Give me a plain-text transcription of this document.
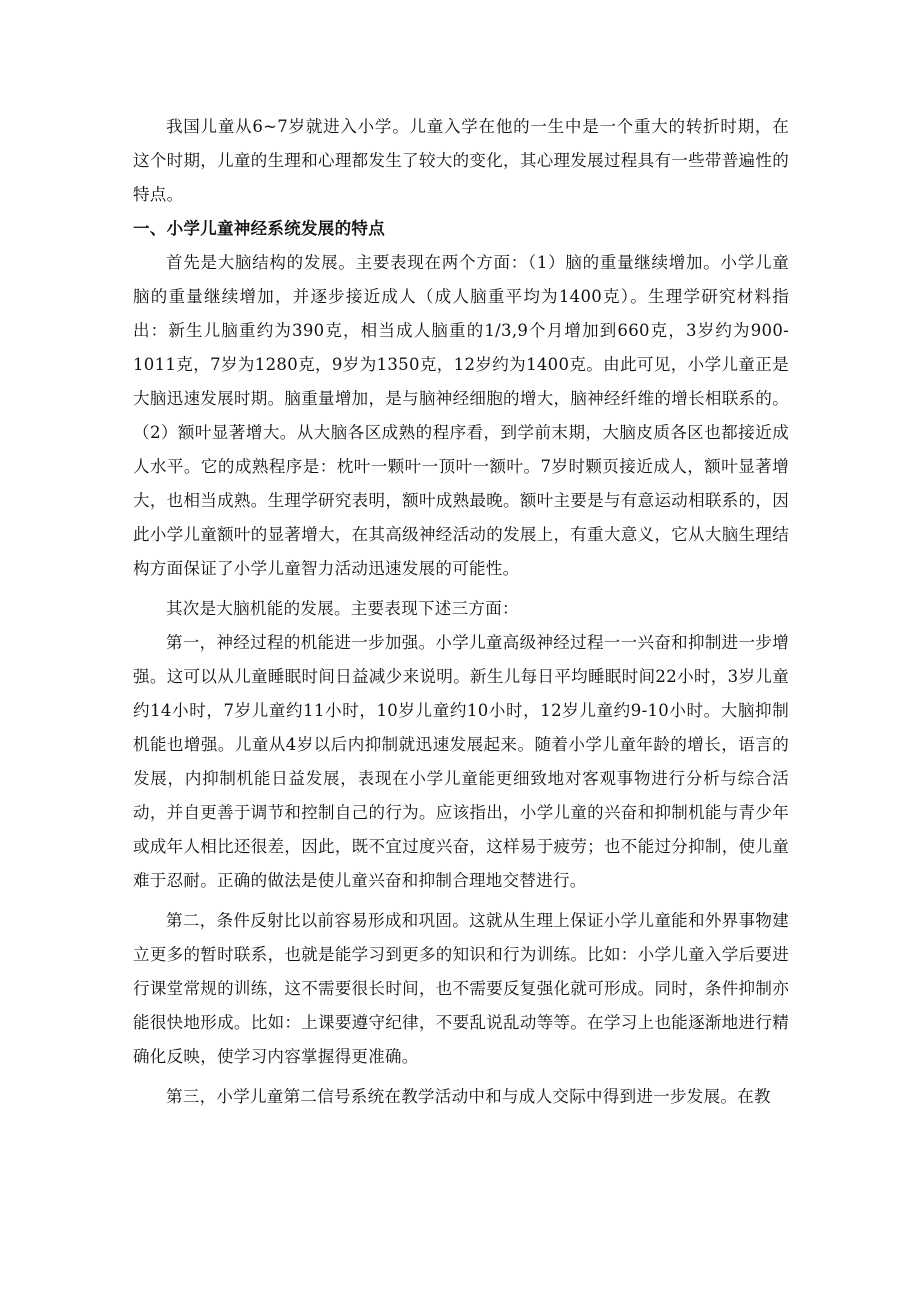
我国儿童从6~7岁就进入小学。儿童入学在他的一生中是一个重大的转折时期，在这个时期，儿童的生理和心理都发生了较大的变化，其心理发展过程具有一些带普遍性的特点。

一、小学儿童神经系统发展的特点

首先是大脑结构的发展。主要表现在两个方面：（1）脑的重量继续增加。小学儿童脑的重量继续增加，并逐步接近成人（成人脑重平均为1400克）。生理学研究材料指出：新生儿脑重约为390克，相当成人脑重的1/3,9个月增加到660克，3岁约为900-1011克，7岁为1280克，9岁为1350克，12岁约为1400克。由此可见，小学儿童正是大脑迅速发展时期。脑重量增加，是与脑神经细胞的增大，脑神经纤维的增长相联系的。（2）额叶显著增大。从大脑各区成熟的程序看，到学前末期，大脑皮质各区也都接近成人水平。它的成熟程序是：枕叶一颗叶一顶叶一额叶。7岁时颗页接近成人，额叶显著增大，也相当成熟。生理学研究表明，额叶成熟最晚。额叶主要是与有意运动相联系的，因此小学儿童额叶的显著增大，在其高级神经活动的发展上，有重大意义，它从大脑生理结构方面保证了小学儿童智力活动迅速发展的可能性。

其次是大脑机能的发展。主要表现下述三方面：

第一，神经过程的机能进一步加强。小学儿童高级神经过程一一兴奋和抑制进一步增强。这可以从儿童睡眠时间日益减少来说明。新生儿每日平均睡眠时间22小时，3岁儿童约14小时，7岁儿童约11小时，10岁儿童约10小时，12岁儿童约9-10小时。大脑抑制机能也增强。儿童从4岁以后内抑制就迅速发展起来。随着小学儿童年龄的增长，语言的发展，内抑制机能日益发展，表现在小学儿童能更细致地对客观事物进行分析与综合活动，并自更善于调节和控制自己的行为。应该指出，小学儿童的兴奋和抑制机能与青少年或成年人相比还很差，因此，既不宜过度兴奋，这样易于疲劳；也不能过分抑制，使儿童难于忍耐。正确的做法是使儿童兴奋和抑制合理地交替进行。

第二，条件反射比以前容易形成和巩固。这就从生理上保证小学儿童能和外界事物建立更多的暂时联系，也就是能学习到更多的知识和行为训练。比如：小学儿童入学后要进行课堂常规的训练，这不需要很长时间，也不需要反复强化就可形成。同时，条件抑制亦能很快地形成。比如：上课要遵守纪律，不要乱说乱动等等。在学习上也能逐渐地进行精确化反映，使学习内容掌握得更准确。

第三，小学儿童第二信号系统在教学活动中和与成人交际中得到进一步发展。在教
